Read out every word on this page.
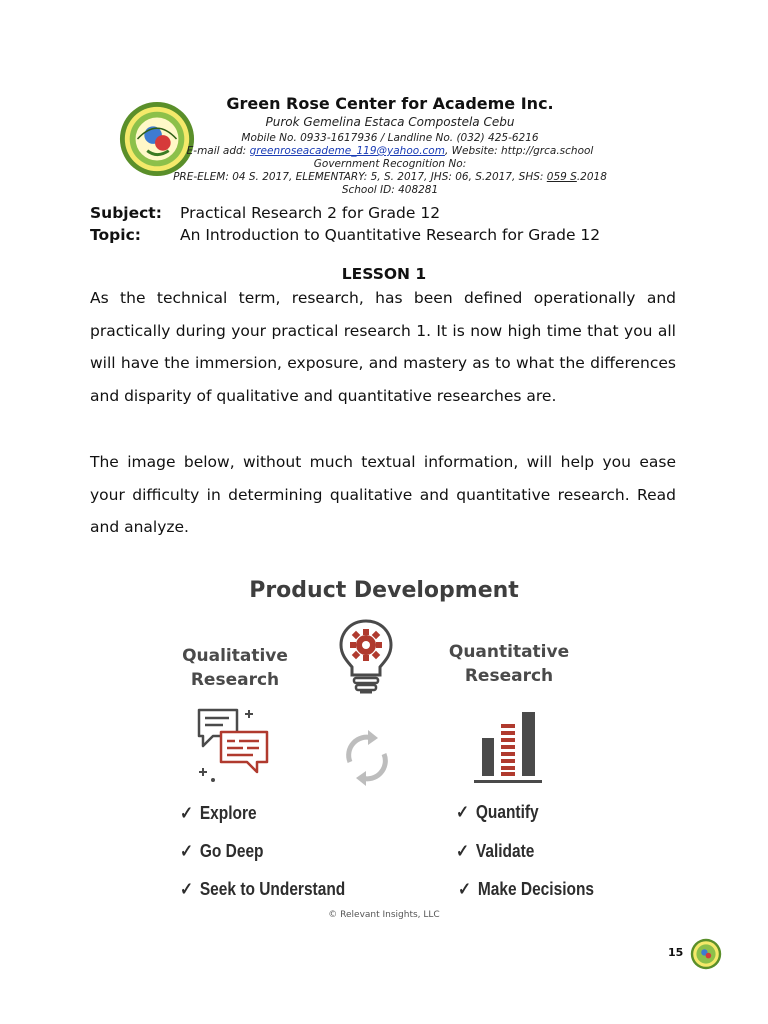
Green Rose Center for Academe Inc.
Purok Gemelina Estaca Compostela Cebu
Mobile No. 0933-1617936 / Landline No. (032) 425-6216
E-mail add: greenroseacademe_119@yahoo.com, Website: http://grca.school
Government Recognition No:
PRE-ELEM: 04 S. 2017, ELEMENTARY: 5, S. 2017, JHS: 06, S.2017, SHS: 059 S.2018
School ID: 408281
Subject: Practical Research 2 for Grade 12
Topic:	An Introduction to Quantitative Research for Grade 12
LESSON 1
As the technical term, research, has been defined operationally and practically during your practical research 1. It is now high time that you all will have the immersion, exposure, and mastery as to what the differences and disparity of qualitative and quantitative researches are.
The image below, without much textual information, will help you ease your difficulty in determining qualitative and quantitative research. Read and analyze.
Product Development
Qualitative
Research
Quantitative
Research
✓ Explore
✓ Go Deep
✓ Seek to Understand
✓ Quantify
✓ Validate
✓ Make Decisions
© Relevant Insights, LLC
15
